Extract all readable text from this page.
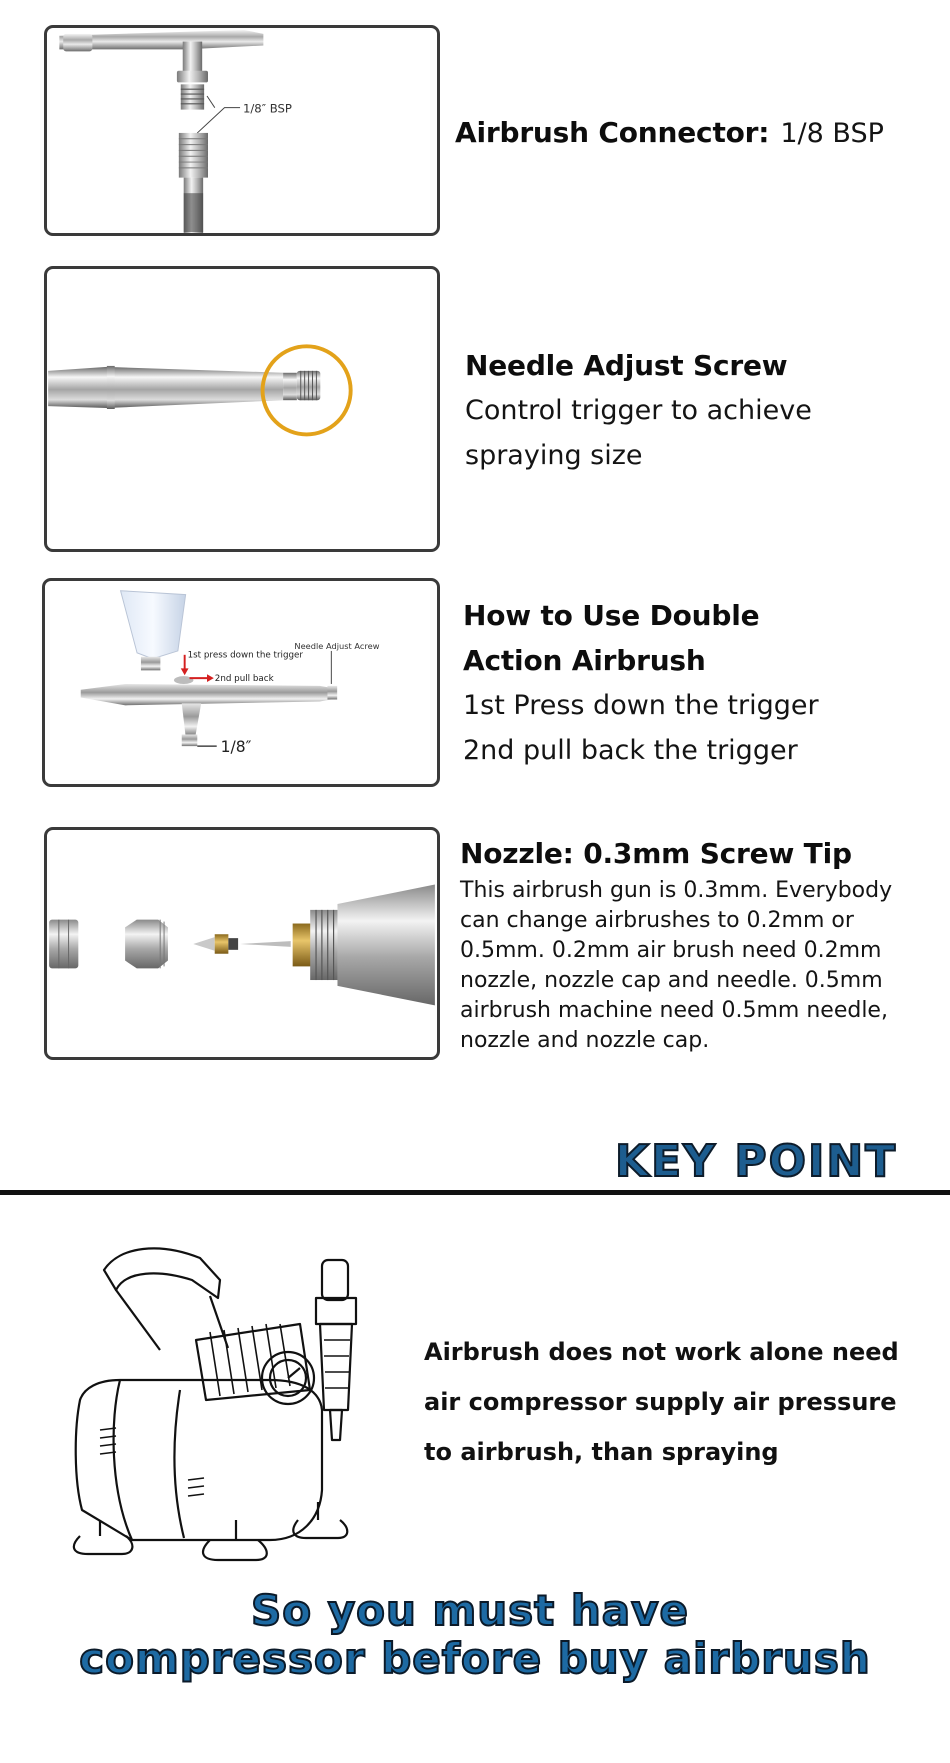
1/8″ BSP
Airbrush Connector: 1/8 BSP
Needle Adjust Screw
Control trigger to achieve
spraying size
1st press down the trigger
2nd pull back
Needle Adjust Acrew
1/8″
How to Use Double
Action Airbrush
1st Press down the trigger
2nd pull back the trigger
Nozzle: 0.3mm Screw Tip
This airbrush gun is 0.3mm. Everybody
can change airbrushes to 0.2mm or
0.5mm. 0.2mm air brush need 0.2mm
nozzle, nozzle cap and needle. 0.5mm
airbrush machine need 0.5mm needle,
nozzle and nozzle cap.
KEY POINT
Airbrush does not work alone need
air compressor supply air pressure
to airbrush, than spraying
So you must have
compressor before buy airbrush
